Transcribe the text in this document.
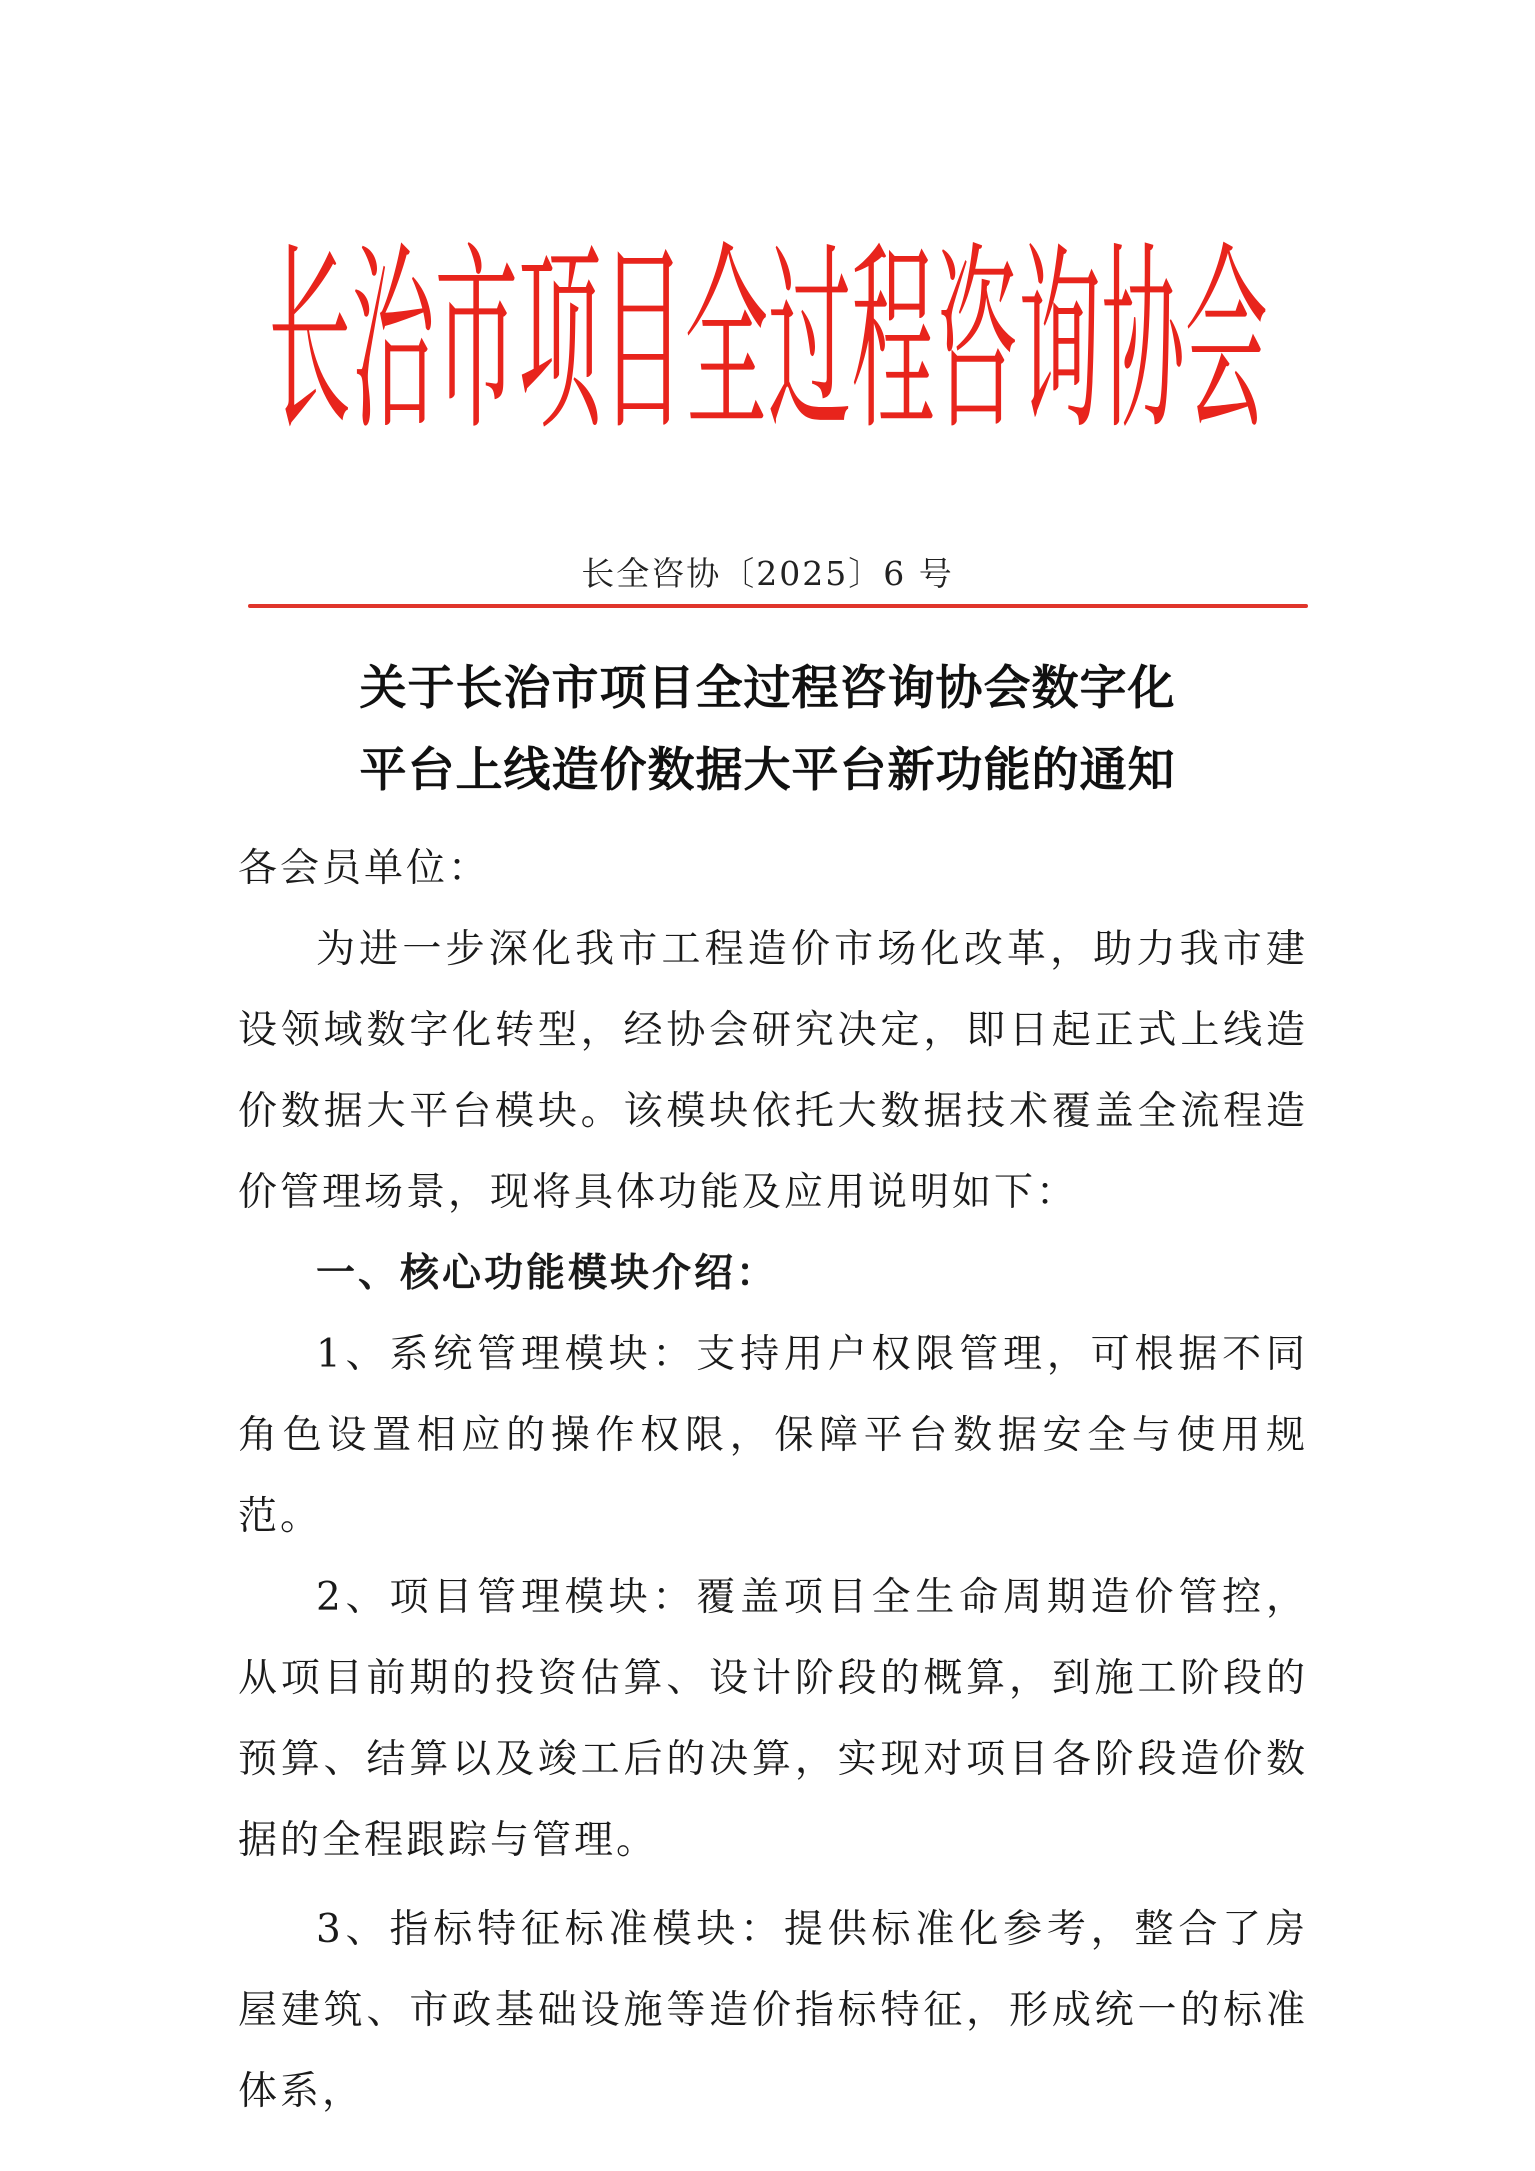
长治市项目全过程咨询协会
长全咨协〔2025〕6 号
关于长治市项目全过程咨询协会数字化
平台上线造价数据大平台新功能的通知
各会员单位：

为进一步深化我市工程造价市场化改革，助力我市建设领域数字化转型，经协会研究决定，即日起正式上线造价数据大平台模块。该模块依托大数据技术覆盖全流程造价管理场景，现将具体功能及应用说明如下：

一、核心功能模块介绍：

1、系统管理模块：支持用户权限管理，可根据不同角色设置相应的操作权限，保障平台数据安全与使用规范。

2、项目管理模块：覆盖项目全生命周期造价管控，从项目前期的投资估算、设计阶段的概算，到施工阶段的预算、结算以及竣工后的决算，实现对项目各阶段造价数据的全程跟踪与管理。

3、指标特征标准模块：提供标准化参考，整合了房屋建筑、市政基础设施等造价指标特征，形成统一的标准体系，
